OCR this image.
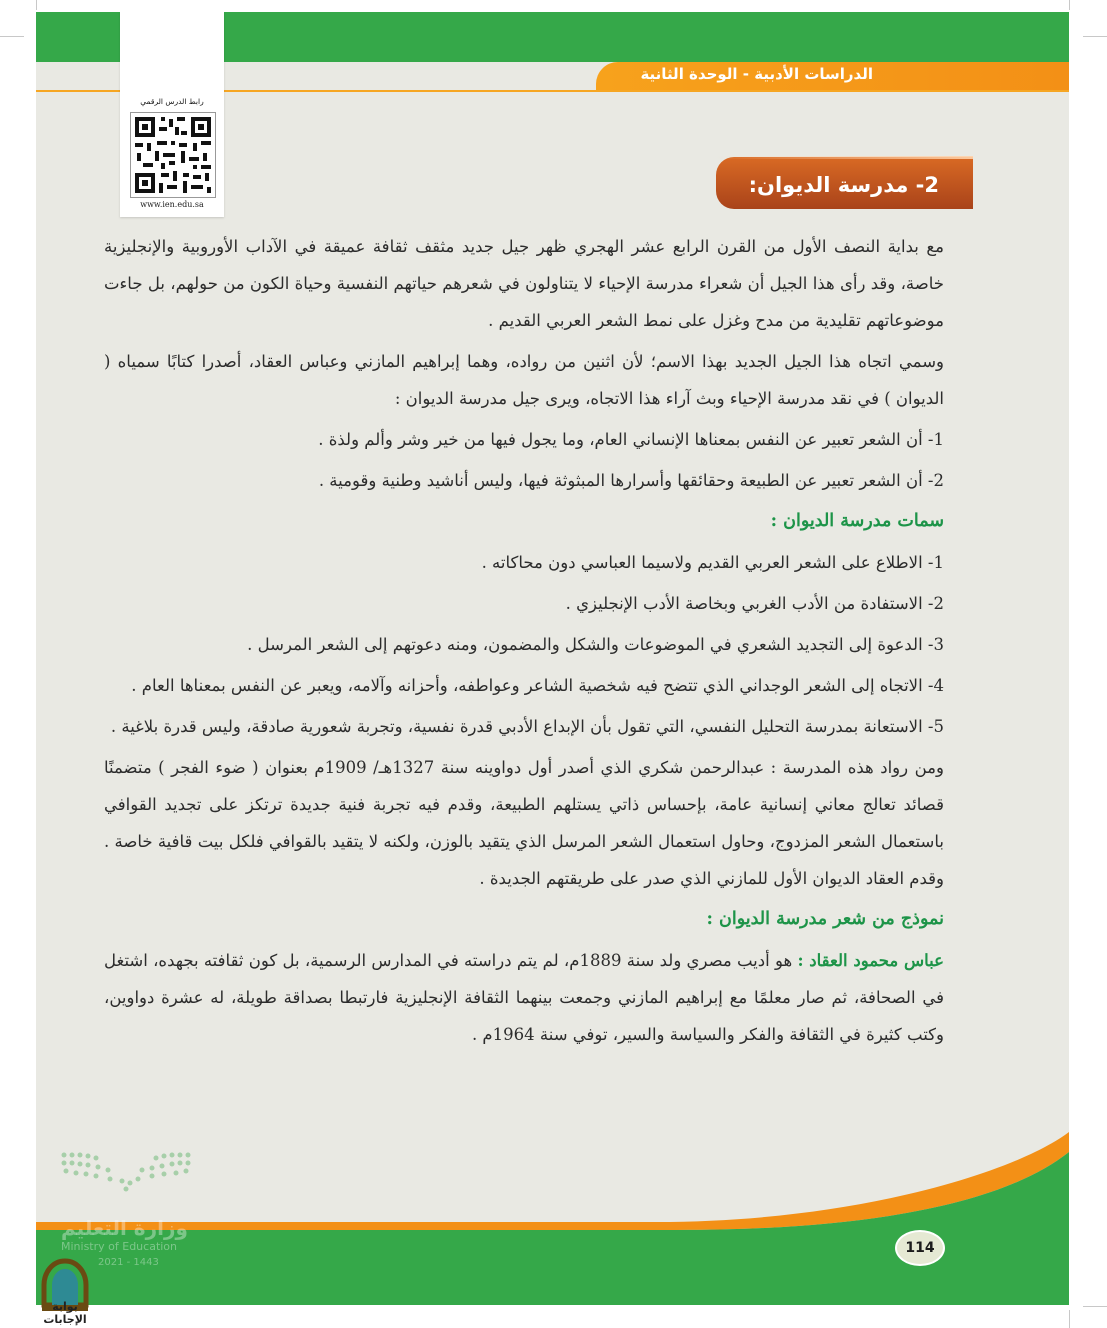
الدراسات الأدبية - الوحدة الثانية
رابط الدرس الرقمي
www.ien.edu.sa
2- مدرسة الديوان:

مع بداية النصف الأول من القرن الرابع عشر الهجري ظهر جيل جديد مثقف ثقافة عميقة في الآداب الأوروبية والإنجليزية خاصة، وقد رأى هذا الجيل أن شعراء مدرسة الإحياء لا يتناولون في شعرهم حياتهم النفسية وحياة الكون من حولهم، بل جاءت موضوعاتهم تقليدية من مدح وغزل على نمط الشعر العربي القديم .

وسمي اتجاه هذا الجيل الجديد بهذا الاسم؛ لأن اثنين من رواده، وهما إبراهيم المازني وعباس العقاد، أصدرا كتابًا سمياه ( الديوان ) في نقد مدرسة الإحياء وبث آراء هذا الاتجاه، ويرى جيل مدرسة الديوان :

1- أن الشعر تعبير عن النفس بمعناها الإنساني العام، وما يجول فيها من خير وشر وألم ولذة .
2- أن الشعر تعبير عن الطبيعة وحقائقها وأسرارها المبثوثة فيها، وليس أناشيد وطنية وقومية .
سمات مدرسة الديوان :
1- الاطلاع على الشعر العربي القديم ولاسيما العباسي دون محاكاته .
2- الاستفادة من الأدب الغربي وبخاصة الأدب الإنجليزي .
3- الدعوة إلى التجديد الشعري في الموضوعات والشكل والمضمون، ومنه دعوتهم إلى الشعر المرسل .
4- الاتجاه إلى الشعر الوجداني الذي تتضح فيه شخصية الشاعر وعواطفه، وأحزانه وآلامه، ويعبر عن النفس بمعناها العام .
5- الاستعانة بمدرسة التحليل النفسي، التي تقول بأن الإبداع الأدبي قدرة نفسية، وتجربة شعورية صادقة، وليس قدرة بلاغية .

ومن رواد هذه المدرسة : عبدالرحمن شكري الذي أصدر أول دواوينه سنة 1327هـ/ 1909م بعنوان ( ضوء الفجر ) متضمنًا قصائد تعالج معاني إنسانية عامة، بإحساس ذاتي يستلهم الطبيعة، وقدم فيه تجربة فنية جديدة ترتكز على تجديد القوافي باستعمال الشعر المزدوج، وحاول استعمال الشعر المرسل الذي يتقيد بالوزن، ولكنه لا يتقيد بالقوافي فلكل بيت قافية خاصة . وقدم العقاد الديوان الأول للمازني الذي صدر على طريقتهم الجديدة .

نموذج من شعر مدرسة الديوان :

عباس محمود العقاد : هو أديب مصري ولد سنة 1889م، لم يتم دراسته في المدارس الرسمية، بل كون ثقافته بجهده، اشتغل في الصحافة، ثم صار معلمًا مع إبراهيم المازني وجمعت بينهما الثقافة الإنجليزية فارتبطا بصداقة طويلة، له عشرة دواوين، وكتب كثيرة في الثقافة والفكر والسياسة والسير، توفي سنة 1964م .

وزارة التعليم
Ministry of Education
2021 - 1443
114
بوابة الإجابات
